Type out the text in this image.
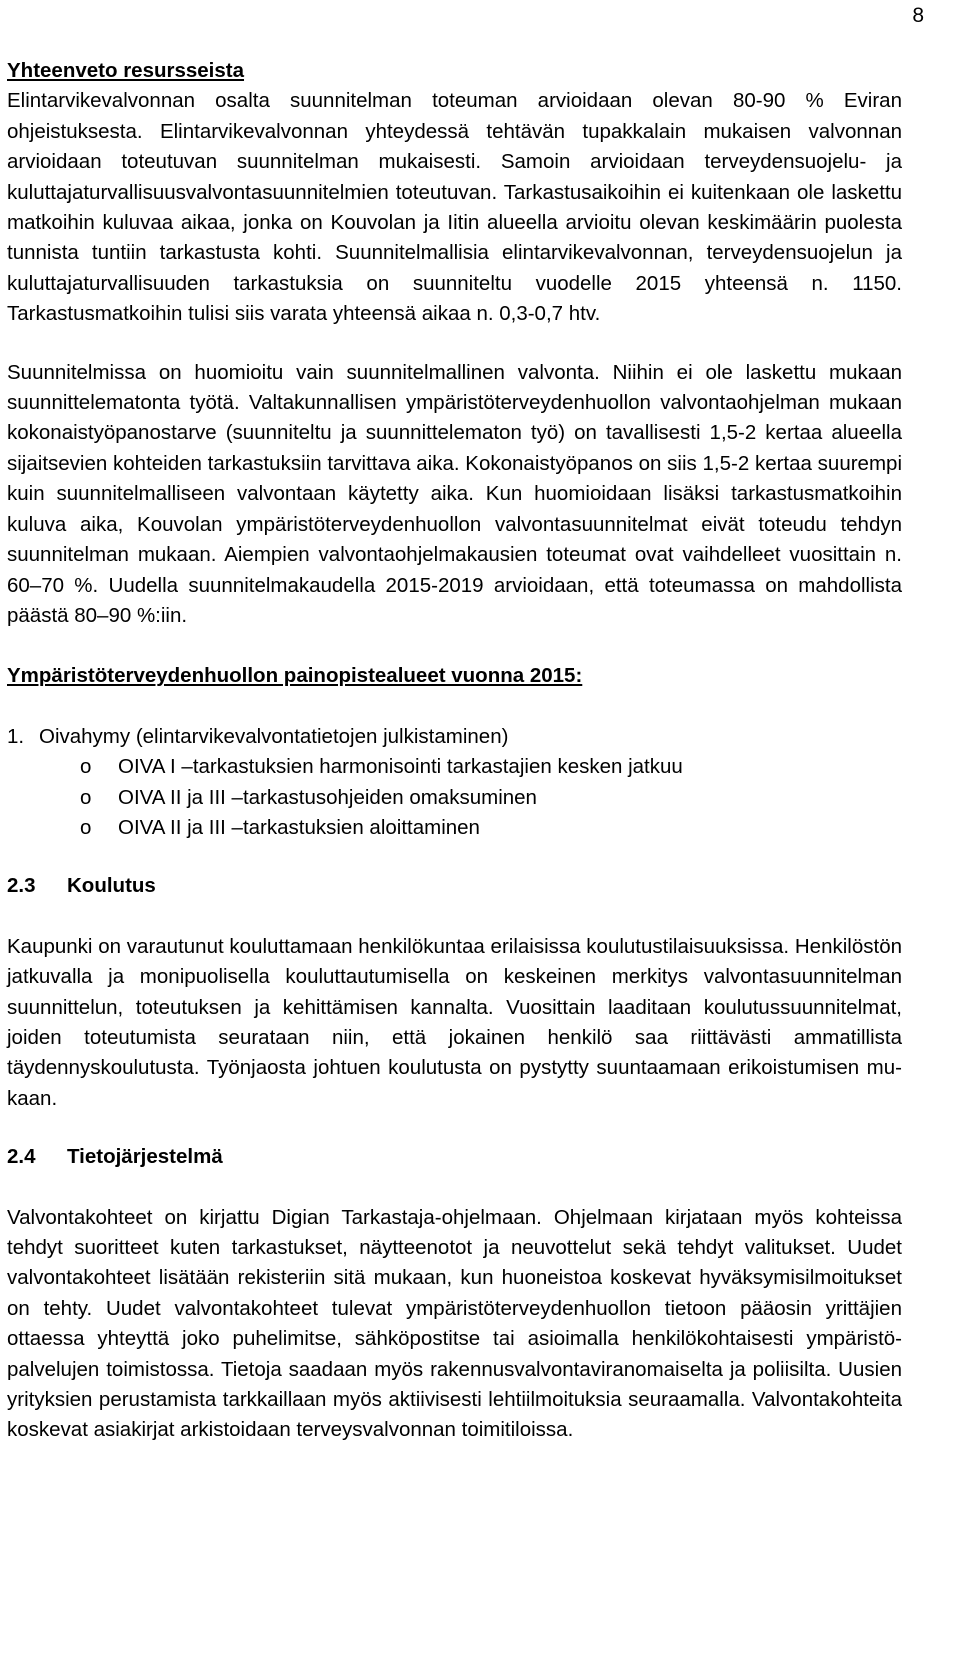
8

Yhteenveto resursseista

Elintarvikevalvonnan osalta suunnitelman toteuman arvioidaan olevan 80-90 % Eviran ohjeistuksesta. Elintarvikevalvonnan yhteydessä tehtävän tupakkalain mukaisen valvonnan arvioidaan toteutuvan suunnitelman mukaisesti. Samoin arvioidaan terveydensuojelu- ja kuluttajaturvallisuusvalvontasuunnitelmien toteutuvan. Tarkastusaikoihin ei kuitenkaan ole laskettu matkoihin kuluvaa aikaa, jonka on Kouvolan ja Iitin alueella arvioitu olevan keskimäärin puolesta tunnista tuntiin tarkastusta kohti. Suunnitelmallisia elintarvikevalvonnan, terveydensuojelun ja kuluttajaturvallisuuden tarkastuksia on suunniteltu vuodelle 2015 yhteensä n. 1150. Tarkastusmatkoihin tulisi siis varata yhteensä aikaa n. 0,3-0,7 htv.

Suunnitelmissa on huomioitu vain suunnitelmallinen valvonta. Niihin ei ole laskettu mukaan suunnittelematonta työtä. Valtakunnallisen ympäristöterveydenhuollon valvontaohjelman mukaan kokonaistyöpanostarve (suunniteltu ja suunnittelematon työ) on tavallisesti 1,5-2 kertaa alueella sijaitsevien kohteiden tarkastuksiin tarvittava aika. Kokonaistyöpanos on siis 1,5-2 kertaa suurempi kuin suunnitelmalliseen valvontaan käytetty aika. Kun huomioidaan lisäksi tarkastusmatkoihin kuluva aika, Kouvolan ympäristöterveydenhuollon valvontasuunnitelmat eivät toteudu tehdyn suunnitelman mukaan. Aiempien valvontaohjelmakausien toteumat ovat vaihdelleet vuosittain n. 60–70 %. Uudella suunnitelmakaudella 2015-2019 arvioidaan, että toteumassa on mahdollista päästä 80–90 %:iin.

Ympäristöterveydenhuollon painopistealueet vuonna 2015:

1. Oivahymy (elintarvikevalvontatietojen julkistaminen)

o	OIVA I –tarkastuksien harmonisointi tarkastajien kesken jatkuu
o	OIVA II ja III –tarkastusohjeiden omaksuminen
o	OIVA II ja III –tarkastuksien aloittaminen

2.3 Koulutus

Kaupunki on varautunut kouluttamaan henkilökuntaa erilaisissa koulutustilaisuuksissa. Henkilöstön jatkuvalla ja monipuolisella kouluttautumisella on keskeinen merkitys valvontasuunnitelman suunnittelun, toteutuksen ja kehittämisen kannalta. Vuosittain laaditaan koulutussuunnitelmat, joiden toteutumista seurataan niin, että jokainen henkilö saa riittävästi ammatillista täydennyskoulutusta. Työnjaosta johtuen koulutusta on pystytty suuntaamaan erikoistumisen mukaan.

2.4 Tietojärjestelmä

Valvontakohteet on kirjattu Digian Tarkastaja-ohjelmaan. Ohjelmaan kirjataan myös kohteissa tehdyt suoritteet kuten tarkastukset, näytteenotot ja neuvottelut sekä tehdyt valitukset. Uudet valvontakohteet lisätään rekisteriin sitä mukaan, kun huoneistoa koskevat hyväksymisilmoitukset on tehty. Uudet valvontakohteet tulevat ympäristöterveydenhuollon tietoon pääosin yrittäjien ottaessa yhteyttä joko puhelimitse, sähköpostitse tai asioimalla henkilökohtaisesti ympäristöpalvelujen toimistossa. Tietoja saadaan myös rakennusvalvontaviranomaiselta ja poliisilta. Uusien yrityksien perustamista tarkkaillaan myös aktiivisesti lehtiilmoituksia seuraamalla. Valvontakohteita koskevat asiakirjat arkistoidaan terveysvalvonnan toimitiloissa.
